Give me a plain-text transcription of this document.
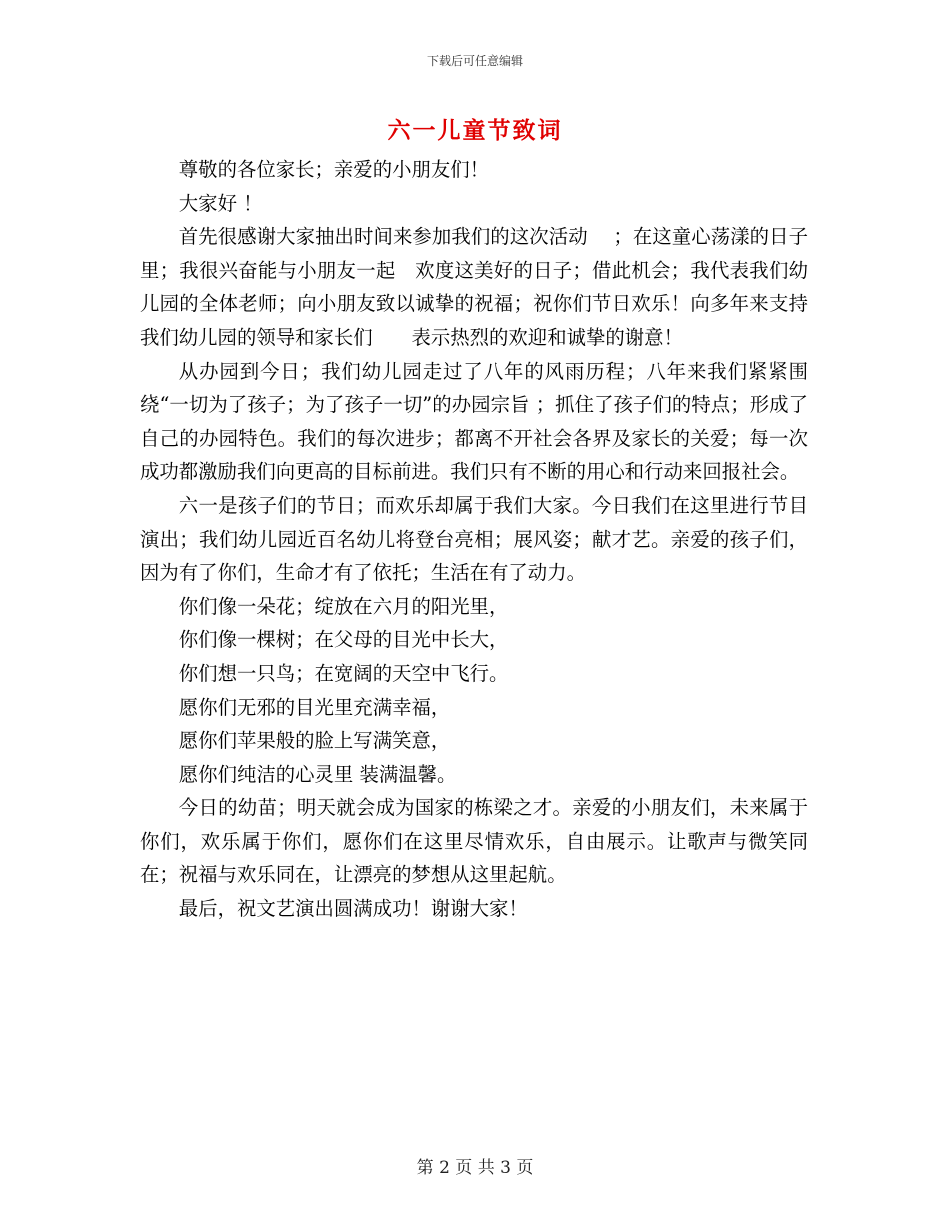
下载后可任意编辑
六一儿童节致词

尊敬的各位家长；亲爱的小朋友们！

大家好 ！

首先很感谢大家抽出时间来参加我们的这次活动　 ；在这童心荡漾的日子里；我很兴奋能与小朋友一起　欢度这美好的日子；借此机会；我代表我们幼儿园的全体老师；向小朋友致以诚挚的祝福；祝你们节日欢乐！向多年来支持我们幼儿园的领导和家长们　　表示热烈的欢迎和诚挚的谢意！

从办园到今日；我们幼儿园走过了八年的风雨历程；八年来我们紧紧围绕“一切为了孩子；为了孩子一切”的办园宗旨 ；抓住了孩子们的特点；形成了自己的办园特色。我们的每次进步；都离不开社会各界及家长的关爱；每一次成功都激励我们向更高的目标前进。我们只有不断的用心和行动来回报社会。

六一是孩子们的节日；而欢乐却属于我们大家。今日我们在这里进行节目演出；我们幼儿园近百名幼儿将登台亮相；展风姿；献才艺。亲爱的孩子们，因为有了你们，生命才有了依托；生活在有了动力。

你们像一朵花；绽放在六月的阳光里，

你们像一棵树；在父母的目光中长大，

你们想一只鸟；在宽阔的天空中飞行。

愿你们无邪的目光里充满幸福，

愿你们苹果般的脸上写满笑意，

愿你们纯洁的心灵里 装满温馨。

今日的幼苗；明天就会成为国家的栋梁之才。亲爱的小朋友们，未来属于你们，欢乐属于你们，愿你们在这里尽情欢乐，自由展示。让歌声与微笑同在；祝福与欢乐同在，让漂亮的梦想从这里起航。

最后，祝文艺演出圆满成功！谢谢大家！

第 2 页 共 3 页
